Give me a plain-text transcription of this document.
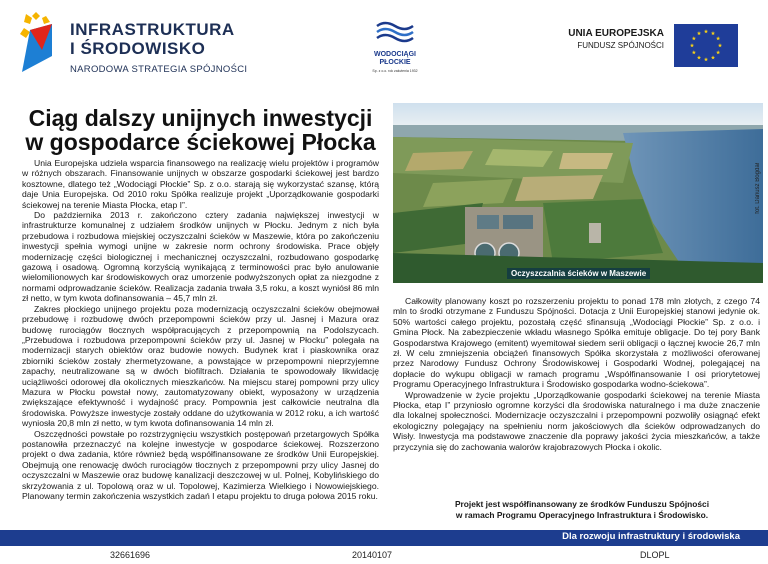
INFRASTRUKTURA
I ŚRODOWISKO
NARODOWA STRATEGIA SPÓJNOŚCI
WODOCIĄGI
PŁOCKIE
Sp. z o.o. rok założenia 1932
UNIA EUROPEJSKA
FUNDUSZ SPÓJNOŚCI
Ciąg dalszy unijnych inwestycji
w gospodarce ściekowej Płocka
Oczyszczalnia ścieków w Maszewie
fot. Dariusz Bogdał

Unia Europejska udziela wsparcia finansowego na realizację wielu projektów i programów w różnych obszarach. Finansowanie unijnych w obszarze gospodarki ściekowej jest bardzo kosztowne, dlatego też „Wodociągi Płockie” Sp. z o.o. starają się wykorzystać szansę, którą daje Unia Europejska. Od 2010 roku Spółka realizuje projekt „Uporządkowanie gospodarki ściekowej na terenie Miasta Płocka, etap I”.

Do października 2013 r. zakończono cztery zadania największej inwestycji w infrastrukturze komunalnej z udziałem środków unijnych w Płocku. Jednym z nich była przebudowa i rozbudowa miejskiej oczyszczalni ścieków w Maszewie, która po zakończeniu inwestycji spełnia wymogi unijne w zakresie norm ochrony środowiska. Prace objęły modernizację części biologicznej i mechanicznej oczyszczalni, rozbudowano gospodarkę gazową i osadową. Ogromną korzyścią wynikającą z terminowości prac było anulowanie wielomilionowych kar środowiskowych oraz umorzenie podwyższonych opłat za niezgodne z normami odprowadzanie ścieków. Realizacja zadania trwała 3,5 roku, a koszt wyniósł 86 mln zł netto, w tym kwota dofinansowania – 45,7 mln zł.

Zakres płockiego unijnego projektu poza modernizacją oczyszczalni ścieków obejmował przebudowę i rozbudowę dwóch przepompowni ścieków przy ul. Jasnej i Mazura oraz budowę rurociągów tłocznych współpracujących z przepompownią na Podolszycach. „Przebudowa i rozbudowa przepompowni ścieków przy ul. Jasnej w Płocku” polegała na modernizacji starych obiektów oraz budowie nowych. Budynek krat i piaskownika oraz zbiorniki ścieków zostały zhermetyzowane, a powstające w przepompowni nieprzyjemne zapachy, neutralizowane są w dwóch biofiltrach. Działania te spowodowały likwidację uciążliwości odorowej dla okolicznych mieszkańców. Na miejscu starej pompowni przy ulicy Mazura w Płocku powstał nowy, zautomatyzowany obiekt, wyposażony w urządzenia zwiększające efektywność i wydajność pracy. Pompownia jest całkowicie neutralna dla środowiska. Powyższe inwestycje zostały oddane do użytkowania w 2012 roku, a ich wartość wyniosła 20,8 mln zł netto, w tym kwota dofinansowania 14 mln zł.

Oszczędności powstałe po rozstrzygnięciu wszystkich postępowań przetargowych Spółka postanowiła przeznaczyć na kolejne inwestycje w gospodarce ściekowej. Rozszerzono projekt o dwa zadania, które również będą współfinansowane ze środków Unii Europejskiej. Obejmują one renowację dwóch rurociągów tłocznych z przepompowni przy ulicy Jasnej do oczyszczalni w Maszewie oraz budowę kanalizacji deszczowej w ul. Polnej, Kobylińskiego do skrzyżowania z ul. Topolową oraz w ul. Topolowej, Kazimierza Wielkiego i Nowowiejskiego. Planowany termin zakończenia wszystkich zadań I etapu projektu to druga połowa 2015 roku.

Całkowity planowany koszt po rozszerzeniu projektu to ponad 178 mln złotych, z czego 74 mln to środki otrzymane z Funduszu Spójności. Dotacja z Unii Europejskiej stanowi jedynie ok. 50% wartości całego projektu, pozostałą część sfinansują „Wodociągi Płockie” Sp. z o.o. i Gmina Płock. Na zabezpieczenie wkładu własnego Spółka emituje obligacje. Do tej pory Bank Gospodarstwa Krajowego (emitent) wyemitował siedem serii obligacji o łącznej kwocie 26,7 mln zł. W celu zmniejszenia obciążeń finansowych Spółka skorzystała z możliwości oferowanej przez Narodowy Fundusz Ochrony Środowiskowej i Gospodarki Wodnej, polegającej na dopłacie do wykupu obligacji w ramach programu „Współfinansowanie I osi priorytetowej Programu Operacyjnego Infrastruktura i Środowisko gospodarka wodno-ściekowa”.

Wprowadzenie w życie projektu „Uporządkowanie gospodarki ściekowej na terenie Miasta Płocka, etap I” przyniosło ogromne korzyści dla środowiska naturalnego i ma duże znaczenie dla lokalnej społeczności. Modernizacje oczyszczalni i przepompowni pozwoliły osiągnąć efekt ekologiczny polegający na spełnieniu norm jakościowych dla ścieków odprowadzanych do Wisły. Inwestycja ma podstawowe znaczenie dla poprawy jakości życia mieszkańców, a także przyczynia się do zachowania walorów krajobrazowych Płocka i okolic.

Projekt jest współfinansowany ze środków Funduszu Spójności
w ramach Programu Operacyjnego Infrastruktura i Środowisko.
Dla rozwoju infrastruktury i środowiska
32661696	20140107	DLOPL
